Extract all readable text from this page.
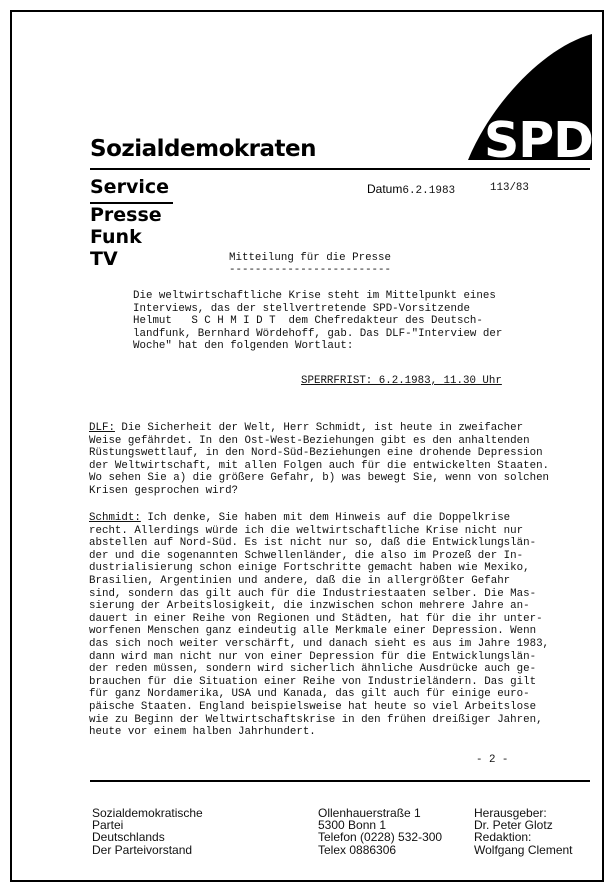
SPD
Sozialdemokraten
Service
Presse
Funk
TV
Datum6.2.1983	113/83
Mitteilung für die Presse
-------------------------
Die weltwirtschaftliche Krise steht im Mittelpunkt eines
Interviews, das der stellvertretende SPD-Vorsitzende
Helmut   S C H M I D T  dem Chefredakteur des Deutsch-
landfunk, Bernhard Wördehoff, gab. Das DLF-"Interview der
Woche" hat den folgenden Wortlaut:
SPERRFRIST: 6.2.1983, 11.30 Uhr
DLF: Die Sicherheit der Welt, Herr Schmidt, ist heute in zweifacher
Weise gefährdet. In den Ost-West-Beziehungen gibt es den anhaltenden
Rüstungswettlauf, in den Nord-Süd-Beziehungen eine drohende Depression
der Weltwirtschaft, mit allen Folgen auch für die entwickelten Staaten.
Wo sehen Sie a) die größere Gefahr, b) was bewegt Sie, wenn von solchen
Krisen gesprochen wird?
Schmidt: Ich denke, Sie haben mit dem Hinweis auf die Doppelkrise
recht. Allerdings würde ich die weltwirtschaftliche Krise nicht nur
abstellen auf Nord-Süd. Es ist nicht nur so, daß die Entwicklungslän-
der und die sogenannten Schwellenländer, die also im Prozeß der In-
dustrialisierung schon einige Fortschritte gemacht haben wie Mexiko,
Brasilien, Argentinien und andere, daß die in allergrößter Gefahr
sind, sondern das gilt auch für die Industriestaaten selber. Die Mas-
sierung der Arbeitslosigkeit, die inzwischen schon mehrere Jahre an-
dauert in einer Reihe von Regionen und Städten, hat für die ihr unter-
worfenen Menschen ganz eindeutig alle Merkmale einer Depression. Wenn
das sich noch weiter verschärft, und danach sieht es aus im Jahre 1983,
dann wird man nicht nur von einer Depression für die Entwicklungslän-
der reden müssen, sondern wird sicherlich ähnliche Ausdrücke auch ge-
brauchen für die Situation einer Reihe von Industrieländern. Das gilt
für ganz Nordamerika, USA und Kanada, das gilt auch für einige euro-
päische Staaten. England beispielsweise hat heute so viel Arbeitslose
wie zu Beginn der Weltwirtschaftskrise in den frühen dreißiger Jahren,
heute vor einem halben Jahrhundert.
- 2 -
Sozialdemokratische
Partei
Deutschlands
Der Parteivorstand
Ollenhauerstraße 1
5300 Bonn 1
Telefon (0228) 532-300
Telex 0886306
Herausgeber:
Dr. Peter Glotz
Redaktion:
Wolfgang Clement
